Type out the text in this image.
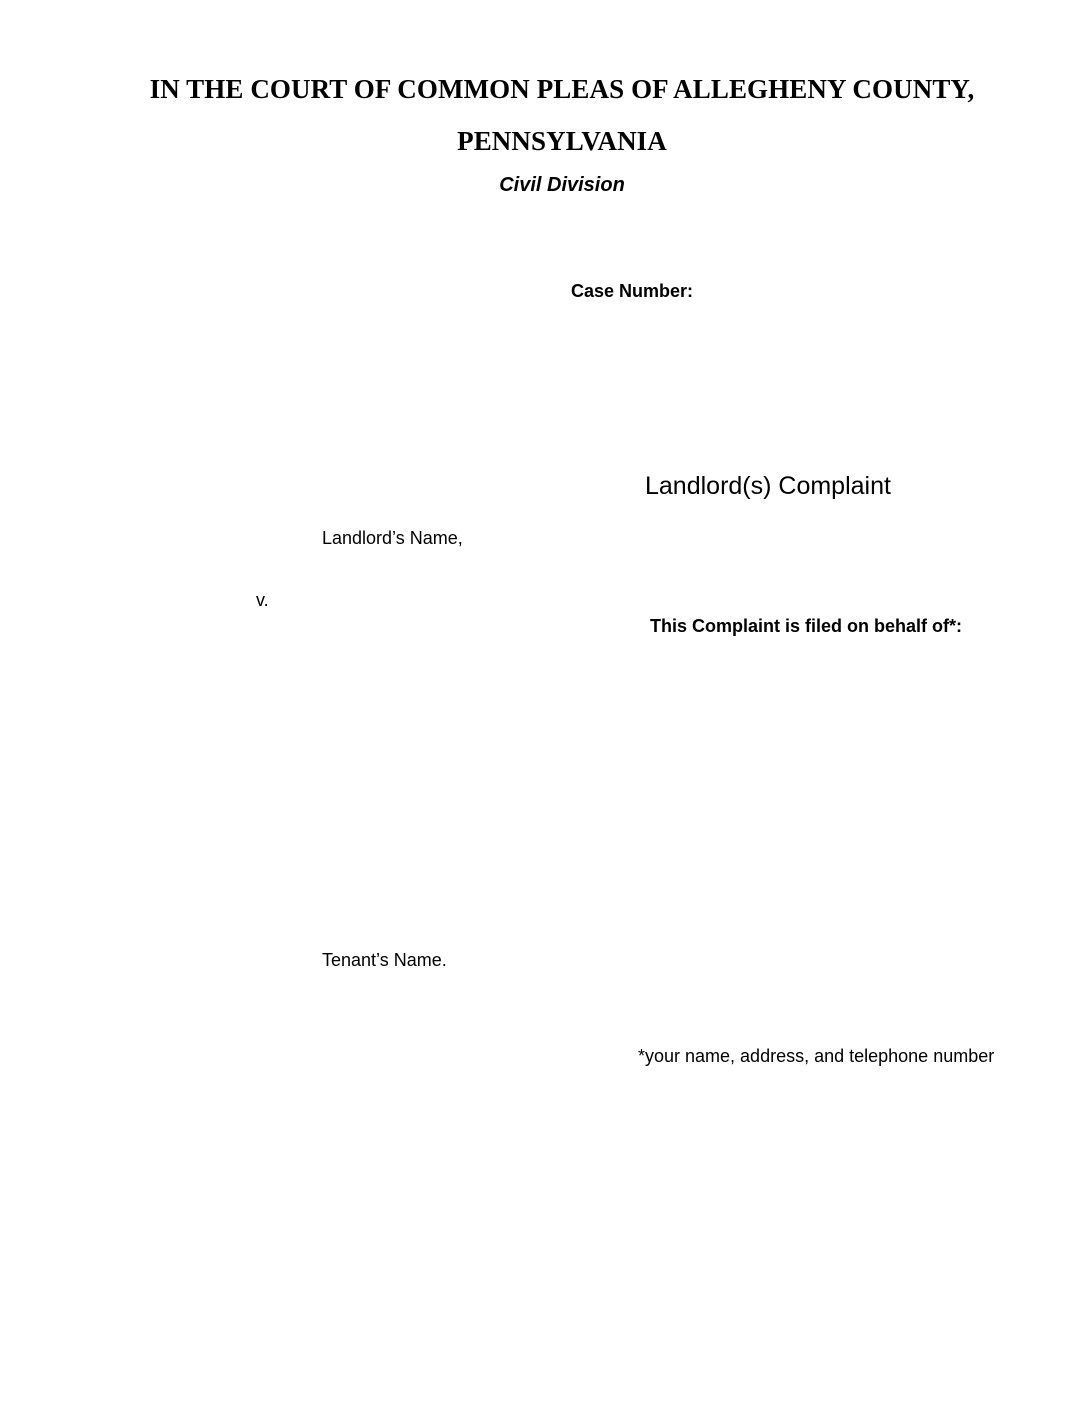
IN THE COURT OF COMMON PLEAS OF ALLEGHENY COUNTY,
PENNSYLVANIA
Civil Division
Case Number:
Landlord(s) Complaint
Landlord’s Name,
v.
This Complaint is filed on behalf of*:
Tenant’s Name.
*your name, address, and telephone number
